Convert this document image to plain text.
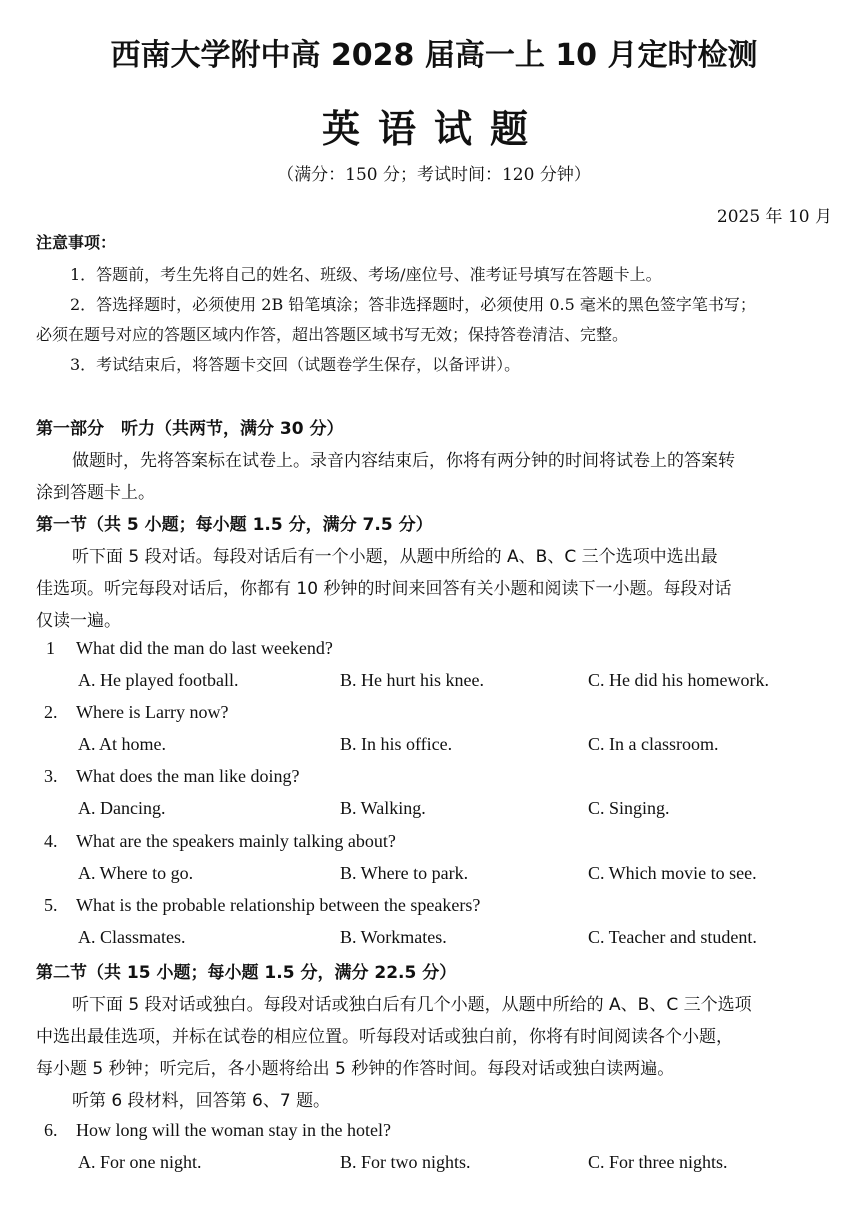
西南大学附中高 2028 届高一上 10 月定时检测
英语试题
（满分：150 分；考试时间：120 分钟）
2025 年 10 月
注意事项：
1．答题前，考生先将自己的姓名、班级、考场/座位号、准考证号填写在答题卡上。
2．答选择题时，必须使用 2B 铅笔填涂；答非选择题时，必须使用 0.5 毫米的黑色签字笔书写；
必须在题号对应的答题区域内作答，超出答题区域书写无效；保持答卷清洁、完整。
3．考试结束后，将答题卡交回（试题卷学生保存，以备评讲）。
第一部分　听力（共两节，满分 30 分）
做题时，先将答案标在试卷上。录音内容结束后，你将有两分钟的时间将试卷上的答案转
涂到答题卡上。
第一节（共 5 小题；每小题 1.5 分，满分 7.5 分）
听下面 5 段对话。每段对话后有一个小题，从题中所给的 A、B、C 三个选项中选出最
佳选项。听完每段对话后，你都有 10 秒钟的时间来回答有关小题和阅读下一小题。每段对话
仅读一遍。
1 What did the man do last weekend?
A. He played football.	B. He hurt his knee.	C. He did his homework.
2. Where is Larry now?
A. At home.	B. In his office.	C. In a classroom.
3. What does the man like doing?
A. Dancing.	B. Walking.	C. Singing.
4. What are the speakers mainly talking about?
A. Where to go.	B. Where to park.	C. Which movie to see.
5. What is the probable relationship between the speakers?
A. Classmates.	B. Workmates.	C. Teacher and student.
第二节（共 15 小题；每小题 1.5 分，满分 22.5 分）
听下面 5 段对话或独白。每段对话或独白后有几个小题，从题中所给的 A、B、C 三个选项
中选出最佳选项，并标在试卷的相应位置。听每段对话或独白前，你将有时间阅读各个小题，
每小题 5 秒钟；听完后，各小题将给出 5 秒钟的作答时间。每段对话或独白读两遍。
听第 6 段材料，回答第 6、7 题。
6. How long will the woman stay in the hotel?
A. For one night.	B. For two nights.	C. For three nights.
